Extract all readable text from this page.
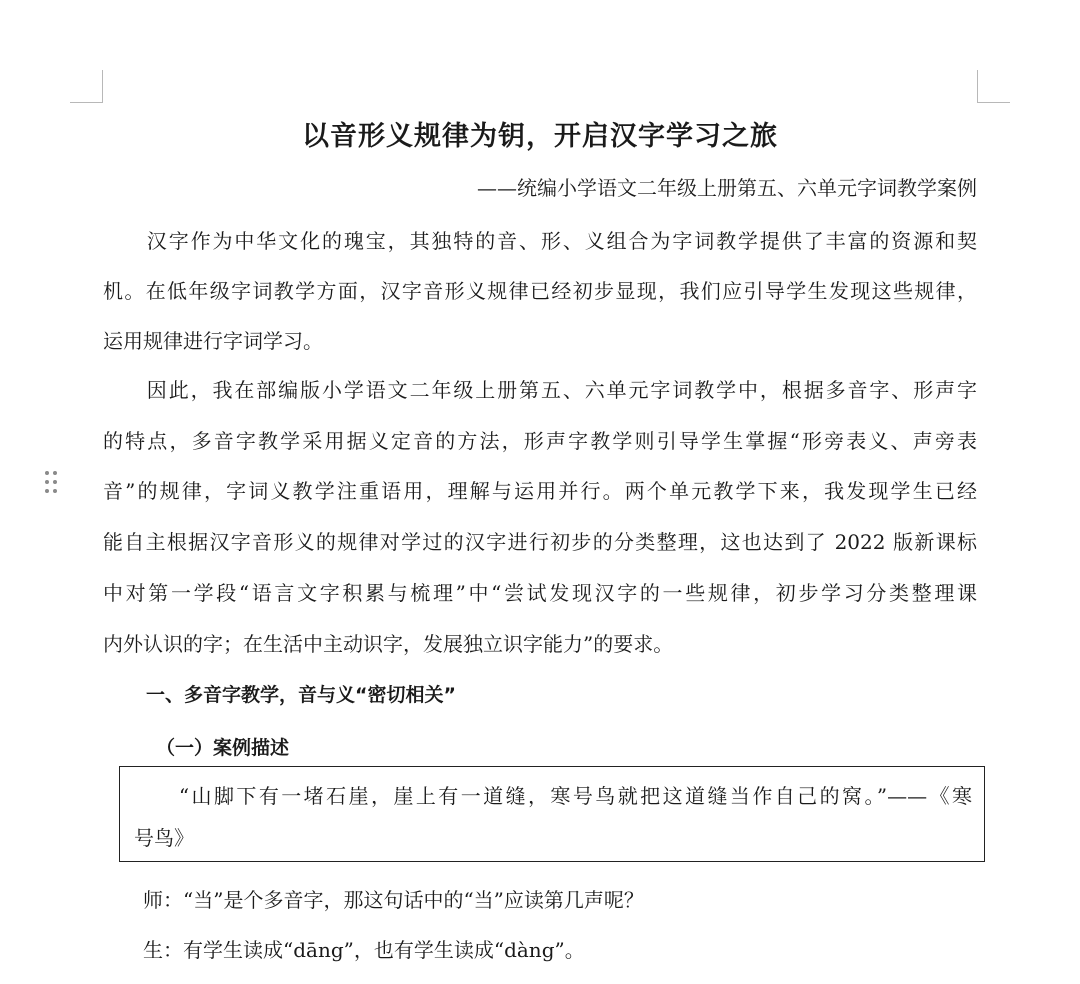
以音形义规律为钥，开启汉字学习之旅

——统编小学语文二年级上册第五、六单元字词教学案例

　　汉字作为中华文化的瑰宝，其独特的音、形、义组合为字词教学提供了丰富的资源和契

机。在低年级字词教学方面，汉字音形义规律已经初步显现，我们应引导学生发现这些规律，

运用规律进行字词学习。

　　因此，我在部编版小学语文二年级上册第五、六单元字词教学中，根据多音字、形声字

的特点，多音字教学采用据义定音的方法，形声字教学则引导学生掌握“形旁表义、声旁表

音”的规律，字词义教学注重语用，理解与运用并行。两个单元教学下来，我发现学生已经

能自主根据汉字音形义的规律对学过的汉字进行初步的分类整理，这也达到了 2022 版新课标

中对第一学段“语言文字积累与梳理”中“尝试发现汉字的一些规律，初步学习分类整理课

内外认识的字；在生活中主动识字，发展独立识字能力”的要求。

一、多音字教学，音与义“密切相关”

（一）案例描述

　　“山脚下有一堵石崖，崖上有一道缝，寒号鸟就把这道缝当作自己的窝。”——《寒

号鸟》

　　师：“当”是个多音字，那这句话中的“当”应读第几声呢？

　　生：有学生读成“dāng”，也有学生读成“dàng”。
